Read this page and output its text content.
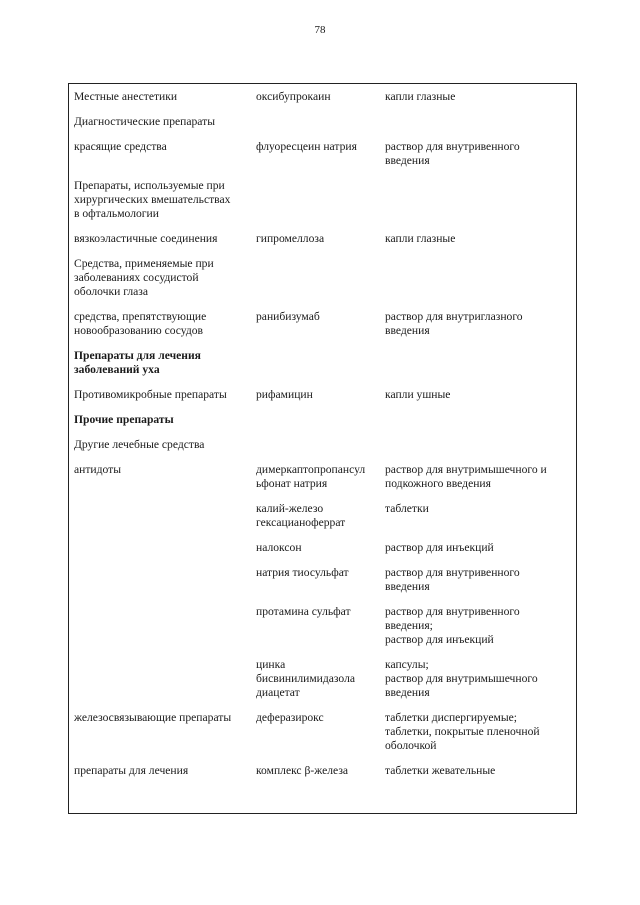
78
Местные анестетики	оксибупрокаин	капли глазные

Диагностические препараты		

красящие средства	флуоресцеин натрия	раствор для внутривенного
введения

Препараты, используемые при
хирургических вмешательствах
в офтальмологии		

вязкоэластичные соединения	гипромеллоза	капли глазные

Средства, применяемые при
заболеваниях сосудистой
оболочки глаза		

средства, препятствующие
новообразованию сосудов	ранибизумаб	раствор для внутриглазного
введения

Препараты для лечения
заболеваний уха		

Противомикробные препараты	рифамицин	капли ушные

Прочие препараты		

Другие лечебные средства		

антидоты	димеркаптопропансул
ьфонат натрия	раствор для внутримышечного и
подкожного введения

	калий-железо
гексацианоферрат	таблетки

	налоксон	раствор для инъекций

	натрия тиосульфат	раствор для внутривенного
введения

	протамина сульфат	раствор для внутривенного
введения;
раствор для инъекций

	цинка
бисвинилимидазола
диацетат	капсулы;
раствор для внутримышечного
введения

железосвязывающие препараты	деферазирокс	таблетки диспергируемые;
таблетки, покрытые пленочной
оболочкой

препараты для лечения	комплекс β-железа	таблетки жевательные
